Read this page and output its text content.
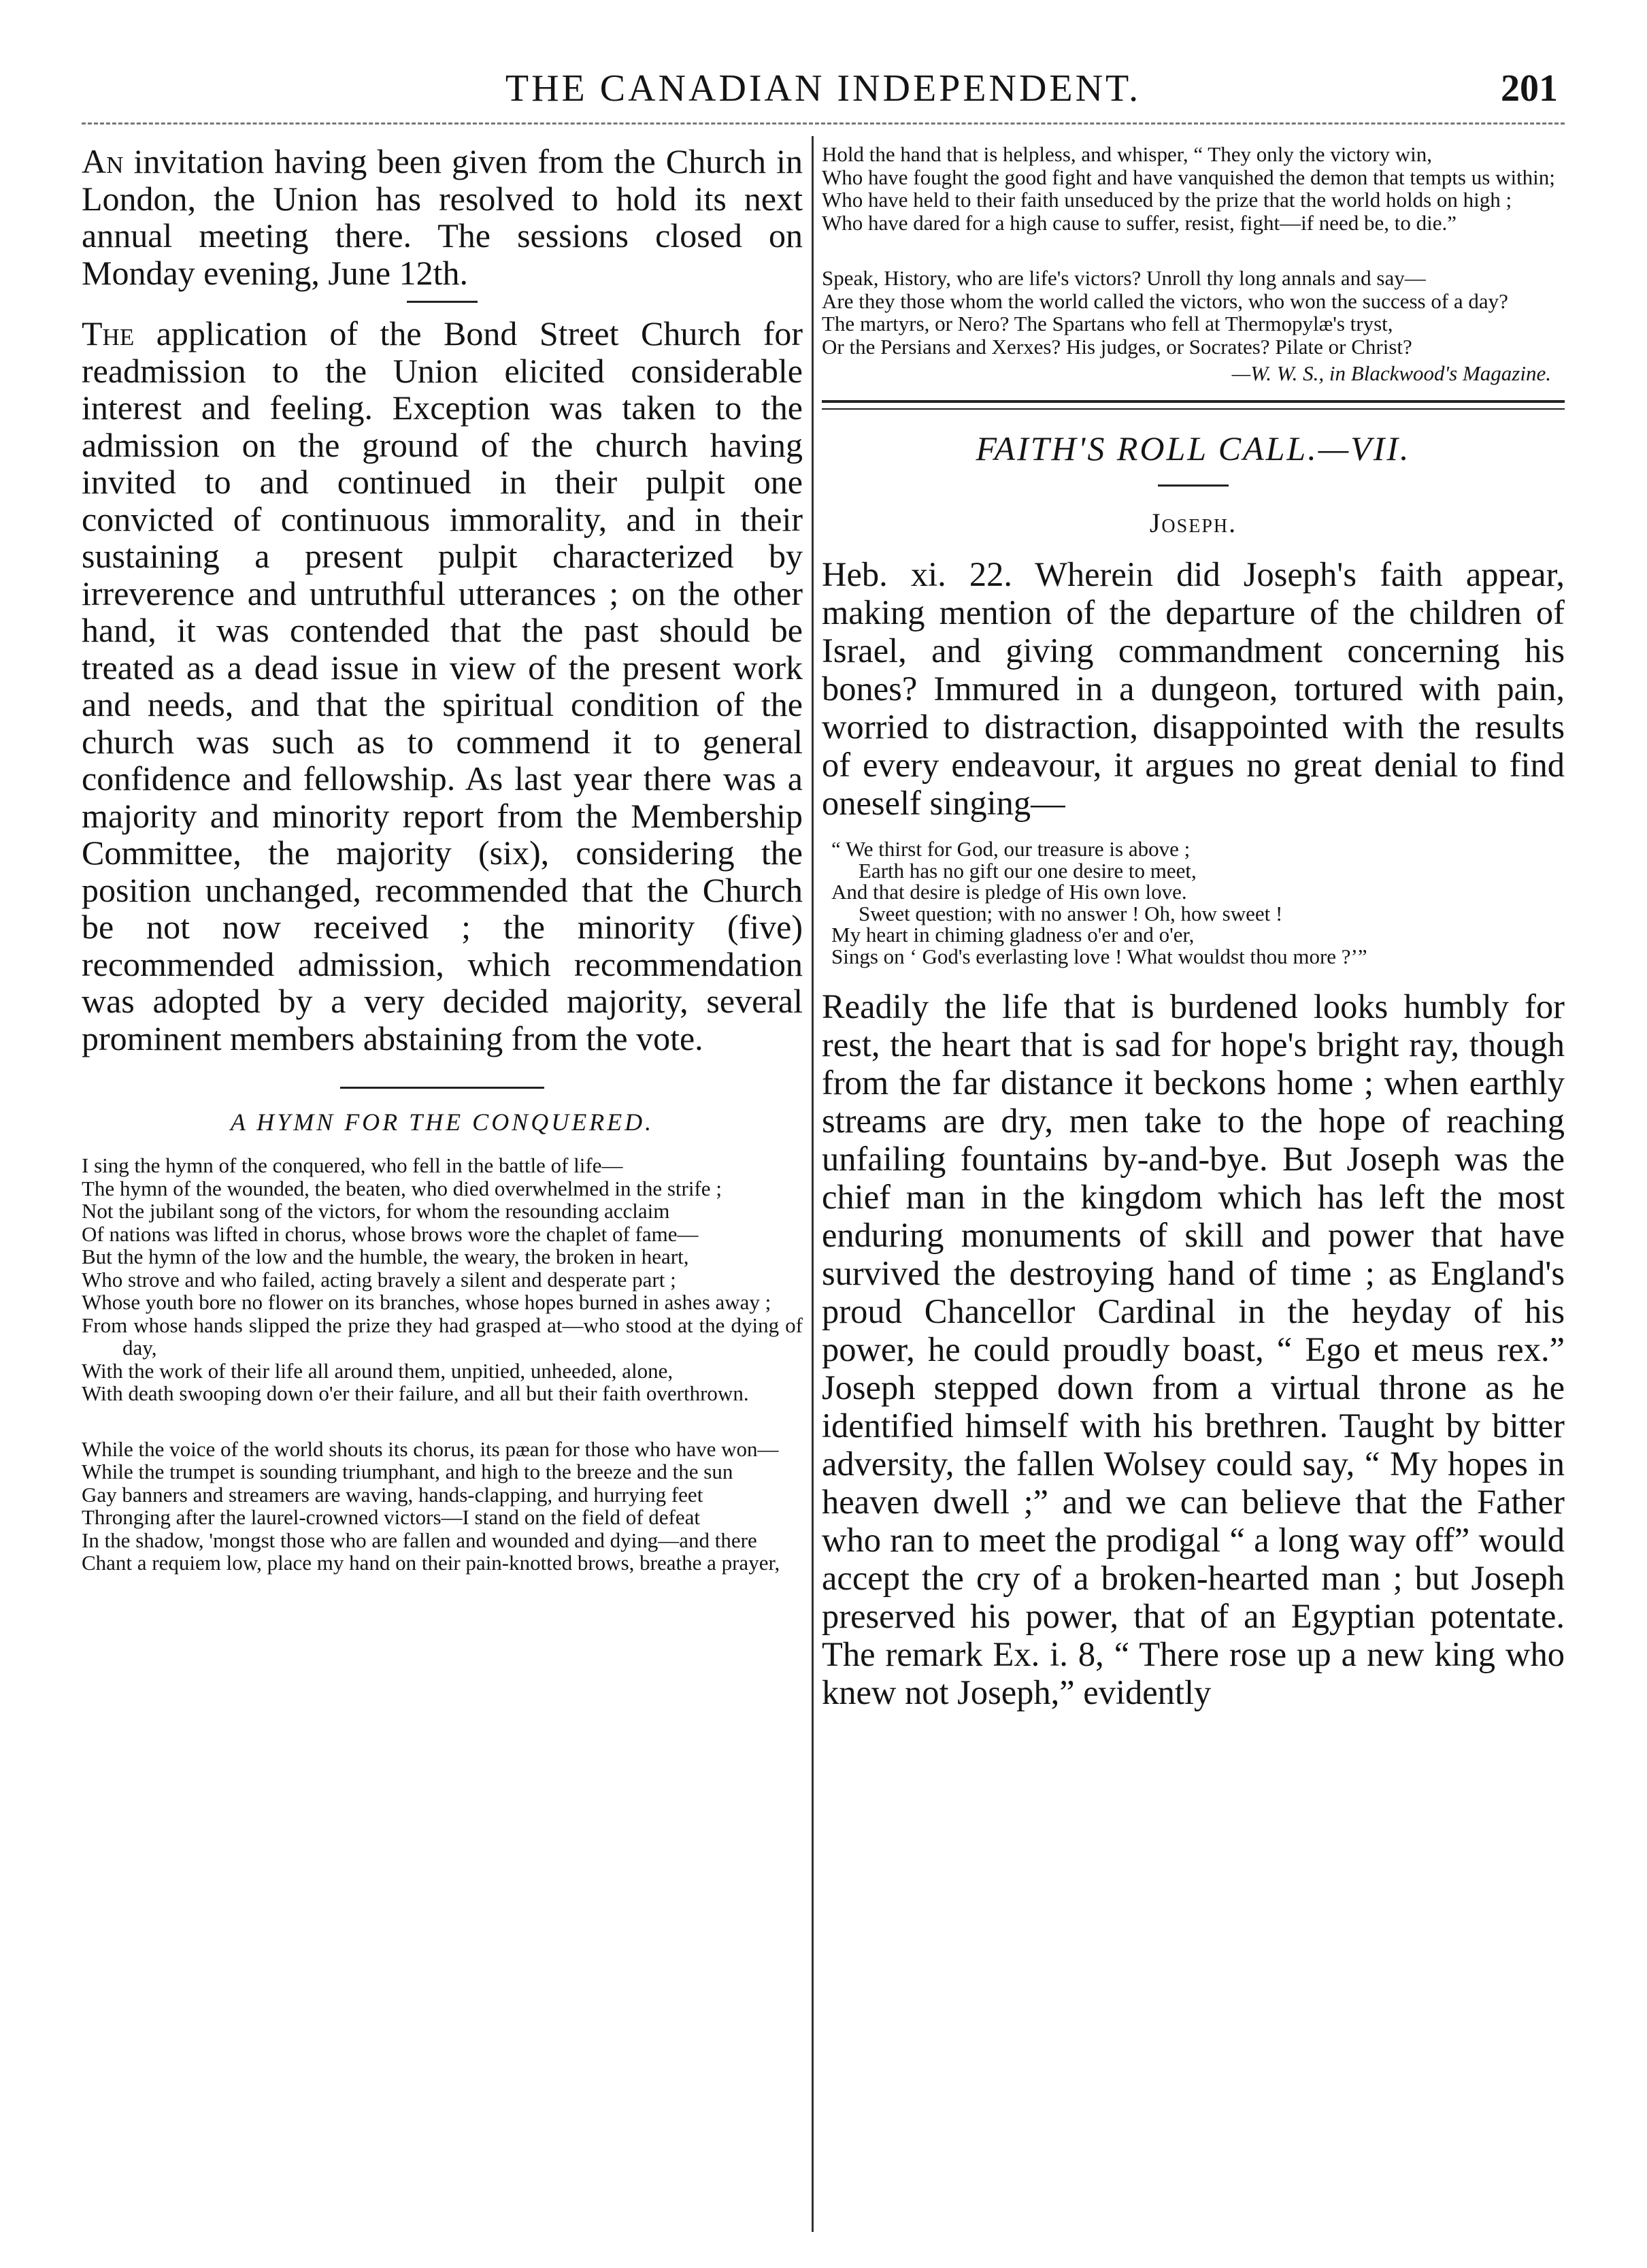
THE CANADIAN INDEPENDENT.	201

An invitation having been given from the Church in London, the Union has resolved to hold its next annual meeting there. The sessions closed on Monday evening, June 12th.

The application of the Bond Street Church for readmission to the Union elicited considerable interest and feeling. Exception was taken to the admission on the ground of the church having invited to and continued in their pulpit one convicted of continuous immorality, and in their sustaining a present pulpit characterized by irreverence and untruthful utterances ; on the other hand, it was contended that the past should be treated as a dead issue in view of the present work and needs, and that the spiritual condition of the church was such as to commend it to general confidence and fellowship. As last year there was a majority and minority report from the Membership Committee, the majority (six), considering the position unchanged, recommended that the Church be not now received ; the minority (five) recommended admission, which recommendation was adopted by a very decided majority, several prominent members abstaining from the vote.

A HYMN FOR THE CONQUERED.

I sing the hymn of the conquered, who fell in the battle of life—
The hymn of the wounded, the beaten, who died overwhelmed in the strife ;
Not the jubilant song of the victors, for whom the resounding acclaim
Of nations was lifted in chorus, whose brows wore the chaplet of fame—
But the hymn of the low and the humble, the weary, the broken in heart,
Who strove and who failed, acting bravely a silent and desperate part ;
Whose youth bore no flower on its branches, whose hopes burned in ashes away ;
From whose hands slipped the prize they had grasped at—who stood at the dying of day,
With the work of their life all around them, unpitied, unheeded, alone,
With death swooping down o'er their failure, and all but their faith overthrown.
While the voice of the world shouts its chorus, its pæan for those who have won—
While the trumpet is sounding triumphant, and high to the breeze and the sun
Gay banners and streamers are waving, hands-clapping, and hurrying feet
Thronging after the laurel-crowned victors—I stand on the field of defeat
In the shadow, 'mongst those who are fallen and wounded and dying—and there
Chant a requiem low, place my hand on their pain-knotted brows, breathe a prayer,
Hold the hand that is helpless, and whisper, “ They only the victory win,
Who have fought the good fight and have vanquished the demon that tempts us within;
Who have held to their faith unseduced by the prize that the world holds on high ;
Who have dared for a high cause to suffer, resist, fight—if need be, to die.”
Speak, History, who are life's victors? Unroll thy long annals and say—
Are they those whom the world called the victors, who won the success of a day?
The martyrs, or Nero? The Spartans who fell at Thermopylæ's tryst,
Or the Persians and Xerxes? His judges, or Socrates? Pilate or Christ?

—W. W. S., in Blackwood's Magazine.

FAITH'S ROLL CALL.—VII.

Joseph.

Heb. xi. 22. Wherein did Joseph's faith appear, making mention of the departure of the children of Israel, and giving commandment concerning his bones? Immured in a dungeon, tortured with pain, worried to distraction, disappointed with the results of every endeavour, it argues no great denial to find oneself singing—

“ We thirst for God, our treasure is above ;
Earth has no gift our one desire to meet,
And that desire is pledge of His own love.
Sweet question; with no answer ! Oh, how sweet !
My heart in chiming gladness o'er and o'er,
Sings on ‘ God's everlasting love ! What wouldst thou more ?’”

Readily the life that is burdened looks humbly for rest, the heart that is sad for hope's bright ray, though from the far distance it beckons home ; when earthly streams are dry, men take to the hope of reaching unfailing fountains by-and-bye. But Joseph was the chief man in the kingdom which has left the most enduring monuments of skill and power that have survived the destroying hand of time ; as England's proud Chancellor Cardinal in the heyday of his power, he could proudly boast, “ Ego et meus rex.” Joseph stepped down from a virtual throne as he identified himself with his brethren. Taught by bitter adversity, the fallen Wolsey could say, “ My hopes in heaven dwell ;” and we can believe that the Father who ran to meet the prodigal “ a long way off” would accept the cry of a broken-hearted man ; but Joseph preserved his power, that of an Egyptian potentate. The remark Ex. i. 8, “ There rose up a new king who knew not Joseph,” evidently
